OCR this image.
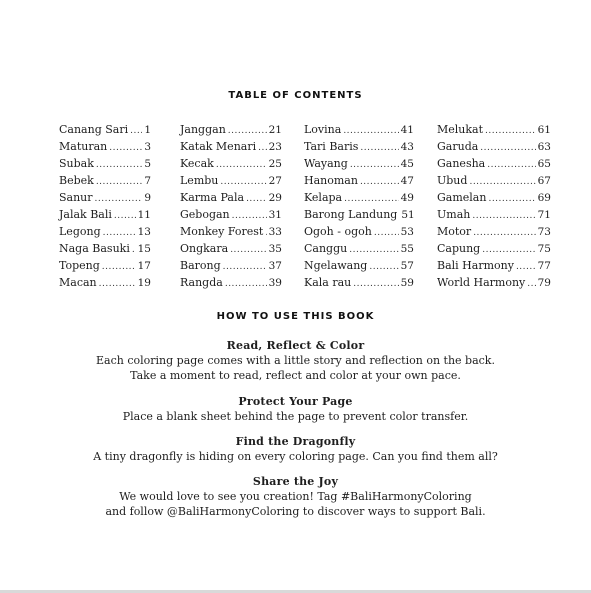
TABLE OF CONTENTS
Canang Sari ..... 1
Maturan .....	3
Subak .....	5
Bebek .....	7
Sanur .....	9
Jalak Bali ..... 11
Legong .....	13
Naga Basuki ..... 15
Topeng .....	17
Macan .....	19
Janggan .....	21
Katak Menari ..... 23
Kecak .....	25
Lembu .....	27
Karma Pala ..... 29
Gebogan .....	31
Monkey Forest ..... 33
Ongkara .....	35
Barong .....	37
Rangda .....	39
Lovina .....	41
Tari Baris .....	43
Wayang .....	45
Hanoman .....	47
Kelapa .....	49
Barong Landung 51
Ogoh - ogoh .....	53
Canggu .....	55
Ngelawang .....	57
Kala rau .....	59
Melukat .....	61
Garuda .....	63
Ganesha .....	65
Ubud .....	67
Gamelan .....	69
Umah .....	71
Motor .....	73
Capung .....	75
Bali Harmony ..... 77
World Harmony ..... 79
HOW TO USE THIS BOOK
Read, Reflect & Color
Each coloring page comes with a little story and reflection on the back.
Take a moment to read, reflect and color at your own pace.
Protect Your Page
Place a blank sheet behind the page to prevent color transfer.
Find the Dragonfly
A tiny dragonfly is hiding on every coloring page. Can you find them all?
Share the Joy
We would love to see you creation! Tag #BaliHarmonyColoring
and follow @BaliHarmonyColoring to discover ways to support Bali.
